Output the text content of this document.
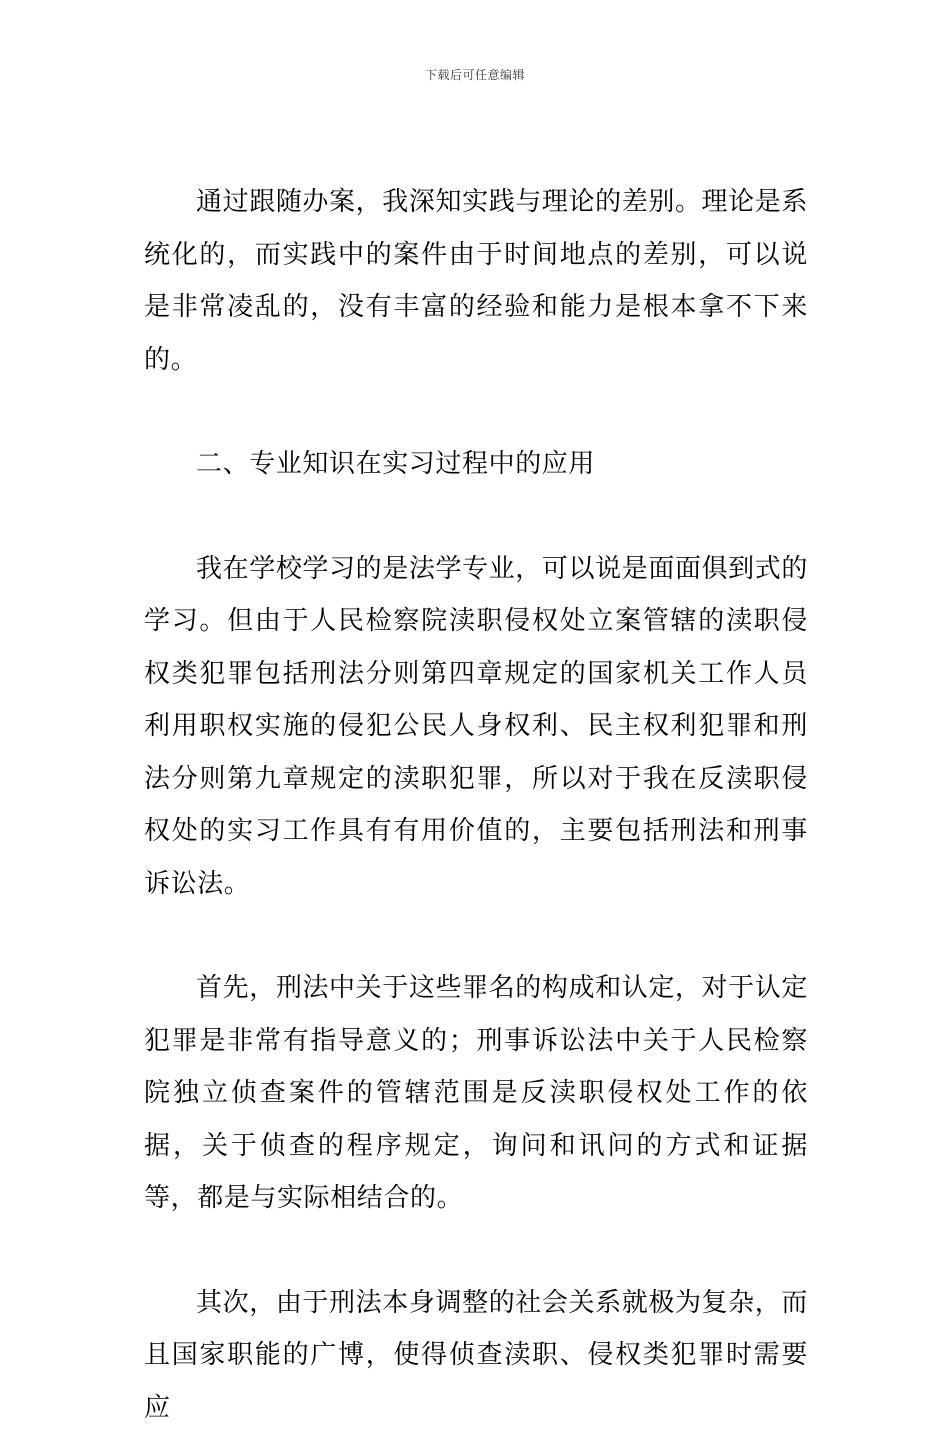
下载后可任意编辑

通过跟随办案，我深知实践与理论的差别。理论是系统化的，而实践中的案件由于时间地点的差别，可以说是非常凌乱的，没有丰富的经验和能力是根本拿不下来的。

二、专业知识在实习过程中的应用

我在学校学习的是法学专业，可以说是面面俱到式的学习。但由于人民检察院渎职侵权处立案管辖的渎职侵权类犯罪包括刑法分则第四章规定的国家机关工作人员利用职权实施的侵犯公民人身权利、民主权利犯罪和刑法分则第九章规定的渎职犯罪，所以对于我在反渎职侵权处的实习工作具有有用价值的，主要包括刑法和刑事诉讼法。

首先，刑法中关于这些罪名的构成和认定，对于认定犯罪是非常有指导意义的；刑事诉讼法中关于人民检察院独立侦查案件的管辖范围是反渎职侵权处工作的依据，关于侦查的程序规定，询问和讯问的方式和证据等，都是与实际相结合的。

其次，由于刑法本身调整的社会关系就极为复杂，而且国家职能的广博，使得侦查渎职、侵权类犯罪时需要应
